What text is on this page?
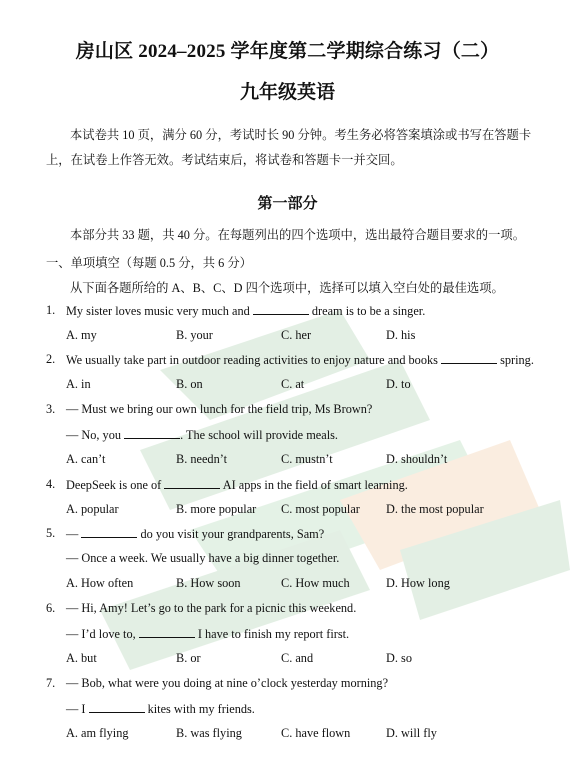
房山区 2024–2025 学年度第二学期综合练习（二）
九年级英语
本试卷共 10 页，满分 60 分，考试时长 90 分钟。考生务必将答案填涂或书写在答题卡上，在试卷上作答无效。考试结束后，将试卷和答题卡一并交回。
第一部分
本部分共 33 题，共 40 分。在每题列出的四个选项中，选出最符合题目要求的一项。
一、单项填空（每题 0.5 分，共 6 分）
从下面各题所给的 A、B、C、D 四个选项中，选择可以填入空白处的最佳选项。
1. My sister loves music very much and	dream is to be a singer.
A. my	B. your	C. her	D. his
2. We usually take part in outdoor reading activities to enjoy nature and books	spring.
A. in	B. on	C. at	D. to
3. — Must we bring our own lunch for the field trip, Ms Brown?
— No, you	. The school will provide meals.
A. can’t	B. needn’t	C. mustn’t	D. shouldn’t
4. DeepSeek is one of	AI apps in the field of smart learning.
A. popular	B. more popular C. most popular D. the most popular
5. —	do you visit your grandparents, Sam?
— Once a week. We usually have a big dinner together.
A. How often	B. How soon	C. How much	D. How long
6. — Hi, Amy! Let’s go to the park for a picnic this weekend.
— I’d love to,	I have to finish my report first.
A. but	B. or	C. and	D. so
7. — Bob, what were you doing at nine o’clock yesterday morning?
— I	kites with my friends.
A. am flying	B. was flying	C. have flown	D. will fly
